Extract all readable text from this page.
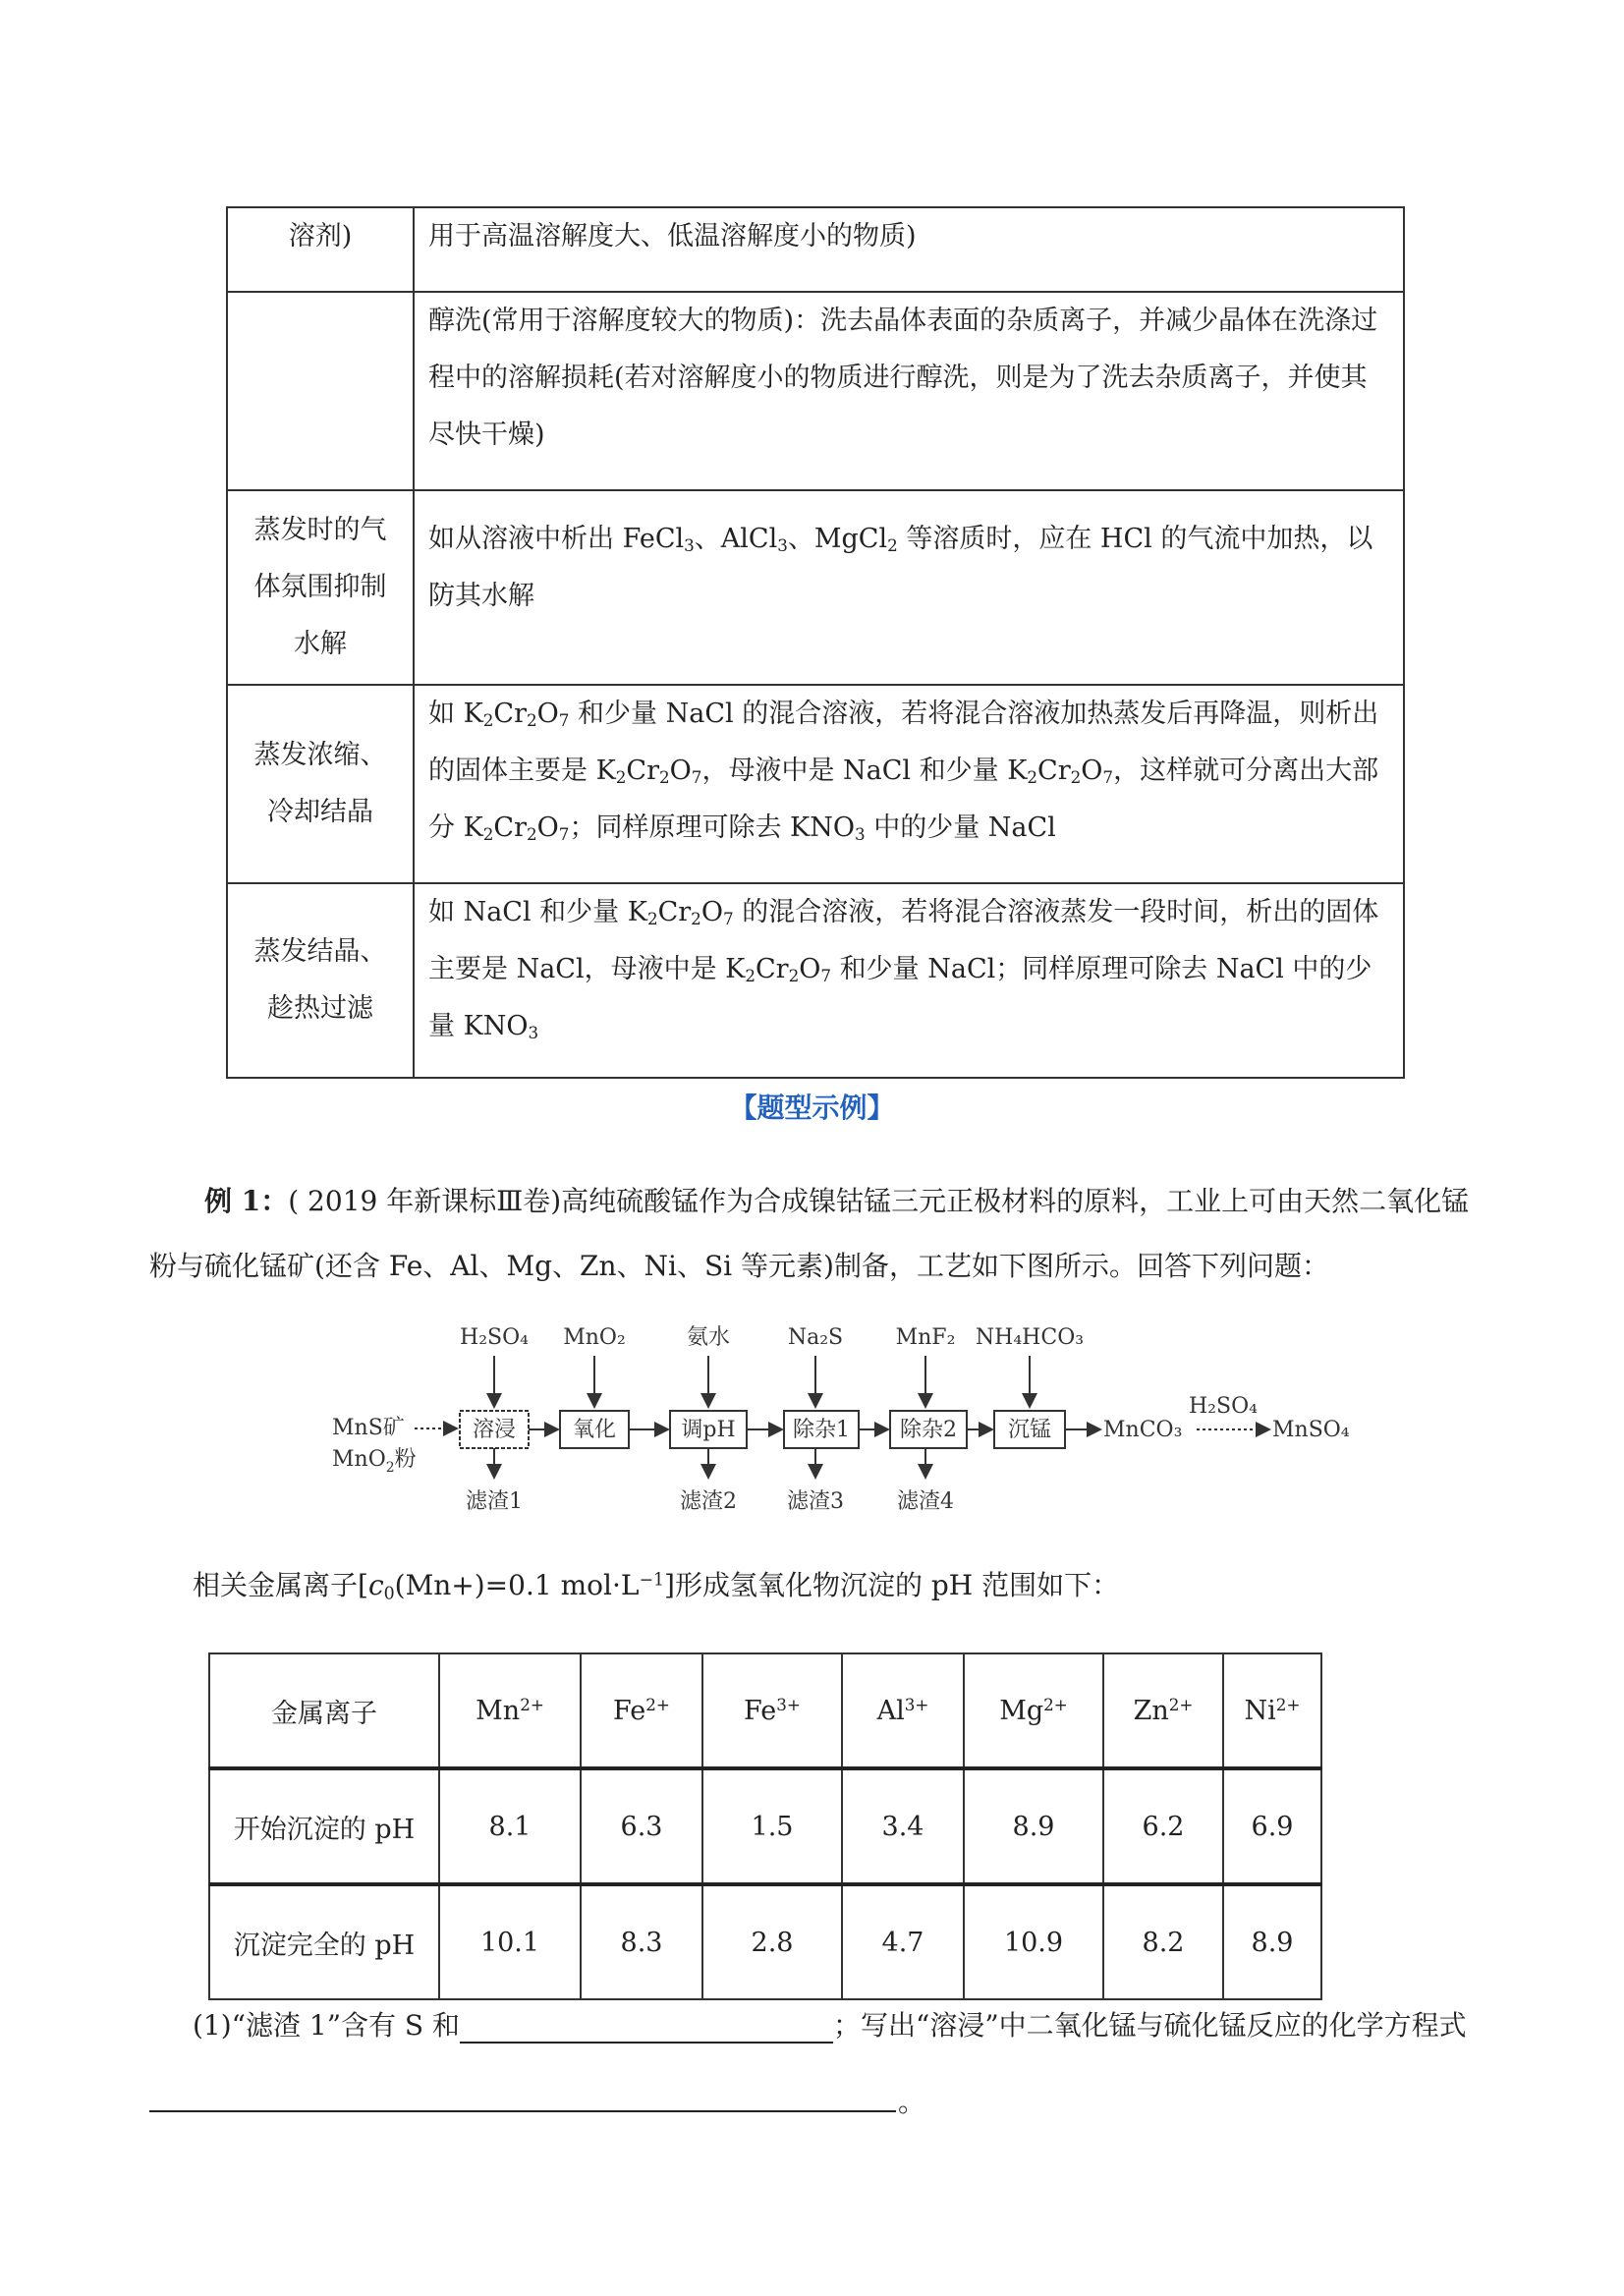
溶剂)	用于高温溶解度大、低温溶解度小的物质)
	醇洗(常用于溶解度较大的物质)：洗去晶体表面的杂质离子，并减少晶体在洗涤过程中的溶解损耗(若对溶解度小的物质进行醇洗，则是为了洗去杂质离子，并使其尽快干燥)
蒸发时的气体氛围抑制水解	如从溶液中析出 FeCl$_3$、AlCl$_3$、MgCl$_2$ 等溶质时，应在 HCl 的气流中加热，以防其水解

蒸发浓缩、冷却结晶	如 $K_2Cr_2O_7$ 和少量 NaCl 的混合溶液，若将混合溶液加热蒸发后再降温，则析出的固体主要是 $K_2Cr_2O_7$，母液中是 NaCl 和少量 $K_2Cr_2O_7$，这样就可分离出大部分 $K_2Cr_2O_7$；同样原理可除去 $KNO_3$ 中的少量 NaCl
蒸发结晶、趁热过滤	如 NaCl 和少量 $K_2Cr_2O_7$ 的混合溶液，若将混合溶液蒸发一段时间，析出的固体主要是 NaCl，母液中是 $K_2Cr_2O_7$ 和少量 NaCl；同样原理可除去 NaCl 中的少量 $KNO_3$
【题型示例】
例 1：( 2019 年新课标Ⅲ卷)高纯硫酸锰作为合成镍钴锰三元正极材料的原料，工业上可由天然二氧化锰粉与硫化锰矿(还含 Fe、Al、Mg、Zn、Ni、Si 等元素)制备，工艺如下图所示。回答下列问题：
MnS矿
MnO$_2$粉
溶浸	氧化	调pH	除杂1 除杂2 沉锰
H₂SO₄ MnO₂	氨水	Na₂S MnF₂ NH₄HCO₃
滤渣1	滤渣2 滤渣3 滤渣4
MnCO₃
H₂SO₄
MnSO₄
相关金属离子[$c_0(Mn+)=0.1$ $mol\cdot L^{-1}$]形成氢氧化物沉淀的 pH 范围如下：
金属离子	$Mn^{2+}$	$Fe^{2+}$	$Fe^{3+}$	$Al^{3+}$	$Mg^{2+}$	$Zn^{2+}$	$Ni^{2+}$
开始沉淀的 pH	8.1	6.3	1.5	3.4	8.9	6.2	6.9
沉淀完全的 pH	10.1	8.3	2.8	4.7	10.9	8.2	8.9
(1)“滤渣 1”含有 S 和	；写出“溶浸”中二氧化锰与硫化锰反应的化学方程式
。
